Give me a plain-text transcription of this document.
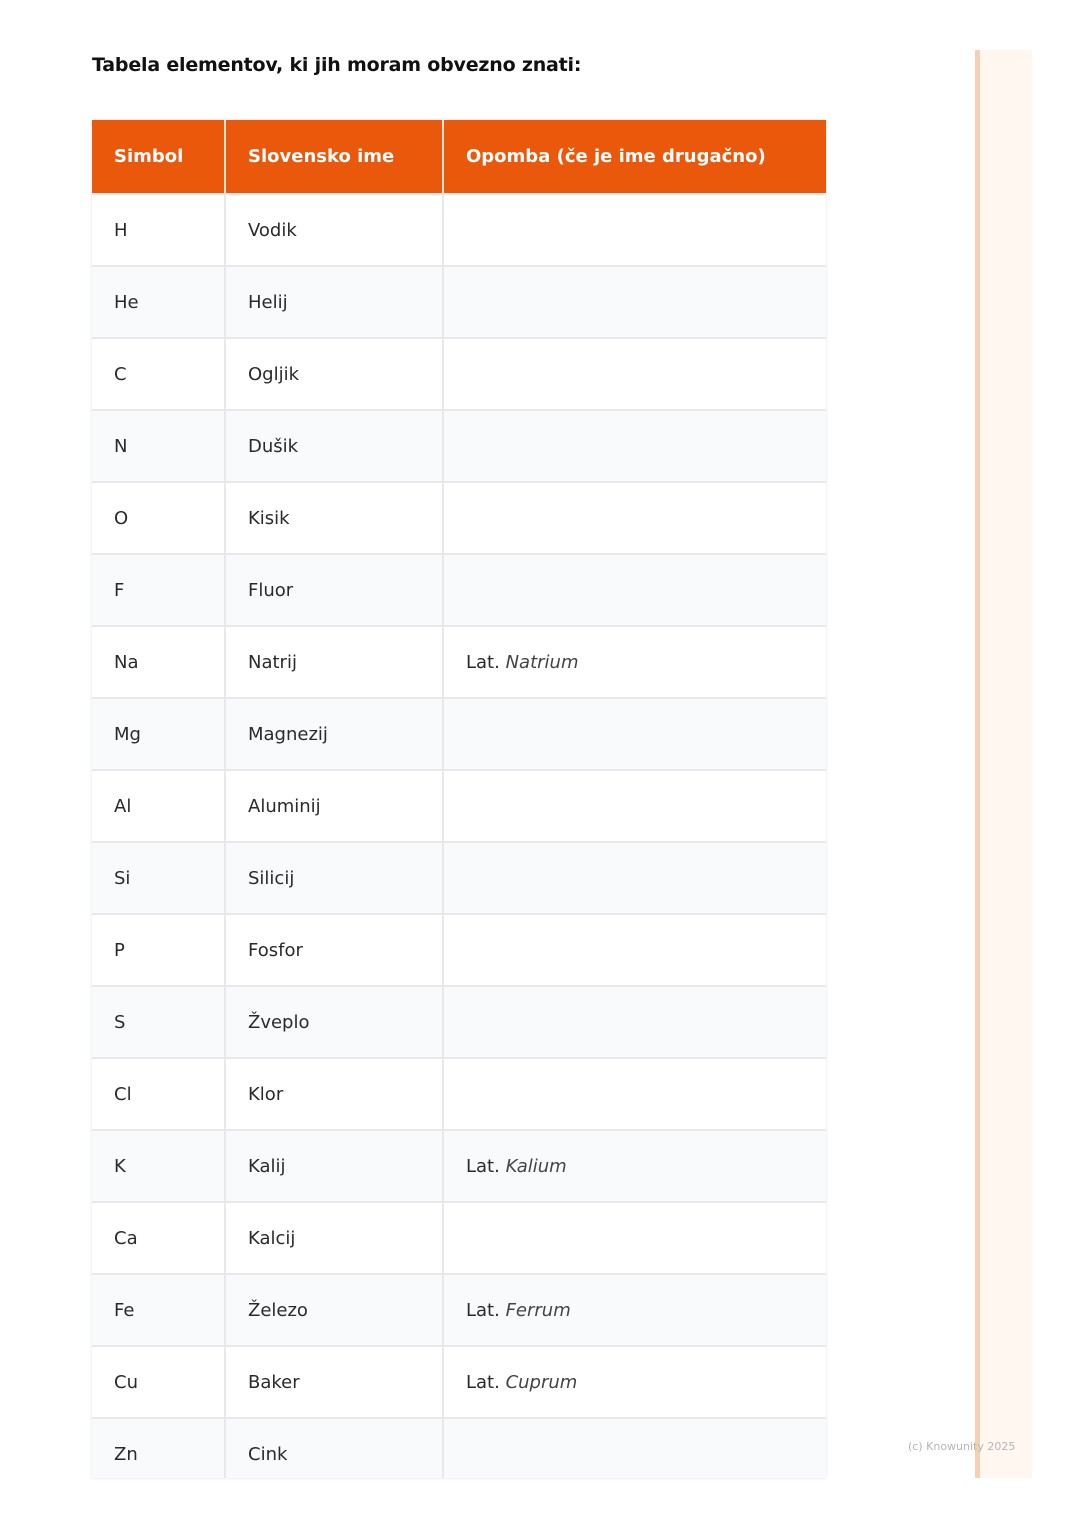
Tabela elementov, ki jih moram obvezno znati:
Simbol	Slovensko ime	Opomba (če je ime drugačno)
H	Vodik	
He	Helij	
C	Ogljik	
N	Dušik	
O	Kisik	
F	Fluor	
Na	Natrij	Lat. Natrium
Mg	Magnezij	
Al	Aluminij	
Si	Silicij	
P	Fosfor	
S	Žveplo	
Cl	Klor	
K	Kalij	Lat. Kalium
Ca	Kalcij	
Fe	Železo	Lat. Ferrum
Cu	Baker	Lat. Cuprum
Zn	Cink		(c) Knowunity 2025
